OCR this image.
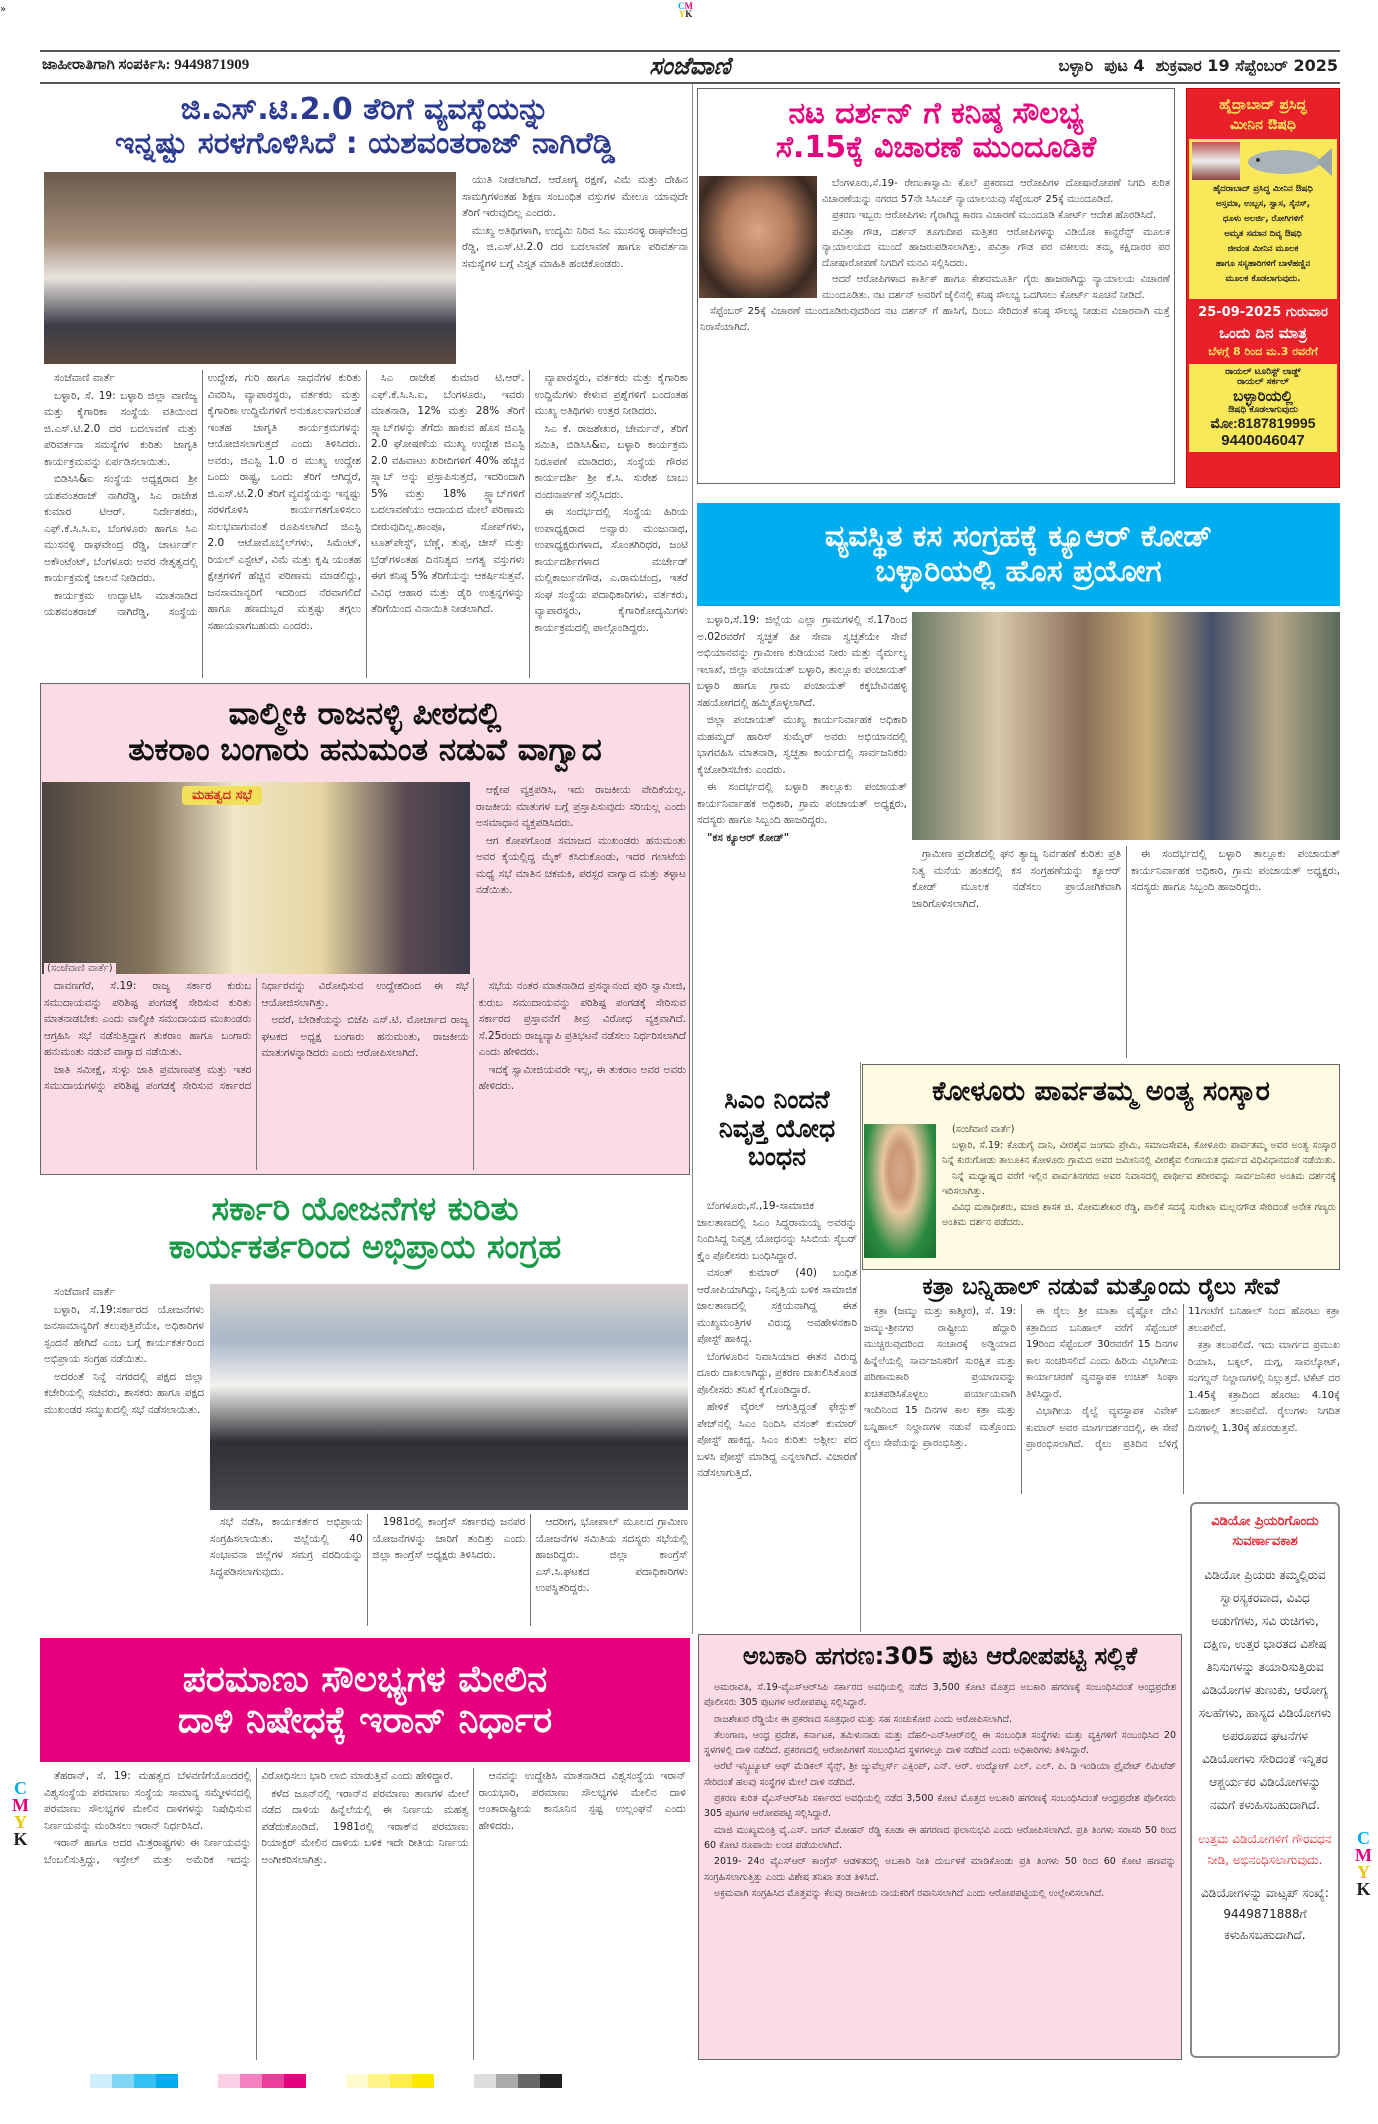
»	CM
YK
C
M
Y
K	C
M
Y
K
ಜಾಹೀರಾತಿಗಾಗಿ ಸಂಪರ್ಕಿಸಿ: 9449871909	ಸಂಜೆವಾಣಿ	ಬಳ್ಳಾರಿ ಪುಟ 4 ಶುಕ್ರವಾರ 19 ಸೆಪ್ಟೆಂಬರ್ 2025
ಜಿ.ಎಸ್.ಟಿ.2.0 ತೆರಿಗೆ ವ್ಯವಸ್ಥೆಯನ್ನು
ಇನ್ನಷ್ಟು ಸರಳಗೊಳಿಸಿದೆ : ಯಶವಂತರಾಜ್ ನಾಗಿರೆಡ್ಡಿ

ಯುತಿ ನೀಡಲಾಗಿದೆ. ಆರೋಗ್ಯ ರಕ್ಷಣೆ, ವಿಮೆ ಮತ್ತು ದೇಹಿನ ಸಾಮಗ್ರಿಗಳಂತಹ ಶಿಕ್ಷಣ ಸಂಬಂಧಿತ ವಸ್ತುಗಳ ಮೇಲೂ ಯಾವುದೇ ತೆರಿಗೆ ಇರುವುದಿಲ್ಲ ಎಂದರು.

ಮುಖ್ಯ ಅತಿಥಿಗಳಾಗಿ, ಉದ್ಯಮಿ ನಿರಿವ ಸಿಎ ಮುಸನಳ್ಳಿ ರಾಘವೇಂದ್ರ ರೆಡ್ಡಿ, ಜಿ.ಎಸ್.ಟಿ.2.0 ದರ ಬದಲಾವಣೆ ಹಾಗೂ ಪರಿವರ್ತನಾ ಸಮಸ್ಯೆಗಳ ಬಗ್ಗೆ ವಿಸ್ತೃತ ಮಾಹಿತಿ ಹಂಚಿಕೊಂಡರು.

ಸಂಜೆವಾಣಿ ವಾರ್ತೆ

ಬಳ್ಳಾರಿ, ಸೆ. 19: ಬಳ್ಳಾರಿ ಜಿಲ್ಲಾ ವಾಣಿಜ್ಯ ಮತ್ತು ಕೈಗಾರಿಕಾ ಸಂಸ್ಥೆಯ ವತಿಯಿಂದ ಜಿ.ಎಸ್.ಟಿ.2.0 ದರ ಬದಲಾವಣೆ ಮತ್ತು ಪರಿವರ್ತನಾ ಸಮಸ್ಯೆಗಳ ಕುರಿತು ಜಾಗೃತಿ ಕಾರ್ಯಕ್ರಮವನ್ನು ಏರ್ಪಡಿಸಲಾಯಿತು.

ಬಿಡಿಸಿಸಿ&ಐ ಸಂಸ್ಥೆಯ ಅಧ್ಯಕ್ಷರಾದ ಶ್ರೀ ಯಶವಂತರಾಜ್ ನಾಗಿರೆಡ್ಡಿ, ಸಿಎ ರಾಜೇಶ ಕುಮಾರ ಟಿಆರ್. ನಿರ್ದೇಶಕರು, ಎಫ್.ಕೆ.ಸಿ.ಸಿ.ಐ, ಬೆಂಗಳೂರು ಹಾಗೂ ಸಿಎ ಮುಸನಳ್ಳಿ ರಾಘವೇಂದ್ರ ರೆಡ್ಡಿ, ಚಾರ್ಟರ್ಡ್ ಅಕೌಂಟೆಂಟ್, ಬೆಂಗಳೂರು ಅವರ ನೇತೃತ್ವದಲ್ಲಿ ಕಾರ್ಯಕ್ರಮಕ್ಕೆ ಚಾಲನೆ ನೀಡಿದರು.

ಕಾರ್ಯಕ್ರಮ ಉದ್ಘಾಟಿಸಿ ಮಾತನಾಡಿದ ಯಶವಂತರಾಜ್ ನಾಗಿರೆಡ್ಡಿ, ಸಂಸ್ಥೆಯ ಉದ್ದೇಶ, ಗುರಿ ಹಾಗೂ ಸಾಧನೆಗಳ ಕುರಿತು ವಿವರಿಸಿ, ವ್ಯಾಪಾರಸ್ಥರು, ವರ್ತಕರು ಮತ್ತು ಕೈಗಾರಿಕಾ ಉದ್ದಿಮೆಗಳಿಗೆ ಅನುಕೂಲವಾಗುವಂತೆ ಇಂತಹ ಜಾಗೃತಿ ಕಾರ್ಯಕ್ರಮಗಳನ್ನು ಆಯೋಜಿಸಲಾಗುತ್ತದೆ ಎಂದು ತಿಳಿಸಿದರು. ಅವರು, ಜಿಎಸ್ಟಿ 1.0 ರ ಮುಖ್ಯ ಉದ್ದೇಶ ಒಂದು ರಾಷ್ಟ್ರ, ಒಂದು ತೆರಿಗೆ ಆಗಿದ್ದರೆ, ಜಿ.ಎಸ್.ಟಿ.2.0 ತೆರಿಗೆ ವ್ಯವಸ್ಥೆಯನ್ನು ಇನ್ನಷ್ಟು ಸರಳಗೊಳಿಸಿ ಕಾರ್ಯಗತಗೊಳಿಸಲು ಸುಲಭವಾಗುವಂತೆ ರೂಪಿಸಲಾಗಿದೆ ಜಿಎಸ್ಟಿ 2.0 ಆಟೋಮೊಬೈಲ್‌ಗಳು, ಸಿಮೆಂಟ್, ರಿಯಲ್ ಎಸ್ಟೇಟ್, ವಿಮೆ ಮತ್ತು ಕೃಷಿ ಯಂತಹ ಕ್ಷೇತ್ರಗಳಿಗೆ ಹೆಚ್ಚಿನ ಪರಿಣಾಮ ಮಾಡಲಿದ್ದು, ಜನಸಾಮಾನ್ಯರಿಗೆ ಇದರಿಂದ ನೆರವಾಗಲಿದೆ ಹಾಗೂ ಹಣದುಬ್ಬರ ಮತ್ತಷ್ಟು ತಗ್ಗಲು ಸಹಾಯವಾಗಬಹುದು ಎಂದರು.

ಸಿಎ ರಾಜೇಶ ಕುಮಾರ ಟಿ.ಆರ್. ಎಫ್.ಕೆ.ಸಿ.ಸಿ.ಐ, ಬೆಂಗಳೂರು, ಇವರು ಮಾತನಾಡಿ, 12% ಮತ್ತು 28% ತೆರಿಗೆ ಸ್ಲ್ಯಾಬ್‌ಗಳನ್ನು ತೆಗೆದು ಹಾಕುವ ಹೊಸ ಜಿಎಸ್ಟಿ 2.0 ಘೋಷಣೆಯ ಮುಖ್ಯ ಉದ್ದೇಶ ಜಿಎಸ್ಟಿ 2.0 ವಹಿವಾಟು ಖರೀದಿಗಳಿಗೆ 40% ಹೆಚ್ಚಿನ ಸ್ಲ್ಯಾಬ್ ಅನ್ನು ಪ್ರಸ್ತಾಪಿಸುತ್ತದೆ, ಇದರಿಂದಾಗಿ 5% ಮತ್ತು 18% ಸ್ಲ್ಯಾಬ್‌ಗಳಿಗೆ ಬದಲಾವಣೆಯು ಆದಾಯದ ಮೇಲೆ ಪರಿಣಾಮ ಬೀರುವುದಿಲ್ಲ.ಶಾಂಪೂ, ಸೋಪ್‌ಗಳು, ಟೂತ್‌ಪೇಸ್ಟ್, ಬೆಣ್ಣೆ, ತುಪ್ಪ, ಚೀಸ್ ಮತ್ತು ಬ್ರೆಡ್‌ಗಳಂತಹ ದಿನನಿತ್ಯದ ಅಗತ್ಯ ವಸ್ತುಗಳು ಈಗ ಕನಿಷ್ಠ 5% ತೆರಿಗೆಯನ್ನು ಆಕರ್ಷಿಸುತ್ತವೆ. ವಿವಿಧ ಆಹಾರ ಮತ್ತು ಡೈರಿ ಉತ್ಪನ್ನಗಳನ್ನು ತೆರಿಗೆಯಿಂದ ವಿನಾಯಿತಿ ನೀಡಲಾಗಿದೆ.

ವ್ಯಾಪಾರಸ್ಥರು, ವರ್ತಕರು ಮತ್ತು ಕೈಗಾರಿಕಾ ಉದ್ದಿಮೆಗಳು ಕೇಳುವ ಪ್ರಶ್ನೆಗಳಿಗೆ ಬಂದಂತಹ ಮುಖ್ಯ ಅತಿಥಿಗಳು ಉತ್ತರ ನೀಡಿದರು.

ಸಿಎ ಕೆ. ರಾಜಶೇಖರ, ಚೇರ್ಮನ್, ತೆರಿಗೆ ಸಮಿತಿ, ಬಿಡಿಸಿಸಿ&ಐ, ಬಳ್ಳಾರಿ ಕಾರ್ಯಕ್ರಮ ನಿರೂಪಣೆ ಮಾಡಿದರು, ಸಂಸ್ಥೆಯ ಗೌರವ ಕಾರ್ಯದರ್ಶಿ ಶ್ರೀ ಕೆ.ಸಿ. ಸುರೇಶ ಬಾಬು ವಂದನಾರ್ಪಣೆ ಸಲ್ಲಿಸಿದರು.

ಈ ಸಂದರ್ಭದಲ್ಲಿ ಸಂಸ್ಥೆಯ ಹಿರಿಯ ಉಪಾಧ್ಯಕ್ಷರಾದ ಅವ್ವಾರು ಮಂಜುನಾಥ, ಉಪಾಧ್ಯಕ್ಷರುಗಳಾದ, ಸೊಂತಗಿರಿಧರ, ಜಂಟಿ ಕಾರ್ಯದರ್ಶಿಗಳಾದ ಮರ್ಚೇಡ್ ಮಲ್ಲಿಕಾರ್ಜುನಗೌಡ, ಎ.ರಾಮಚಂದ್ರ, ಇತರೆ ಸಂಘ ಸಂಸ್ಥೆಯ ಪದಾಧಿಕಾರಿಗಳು, ವರ್ತಕರು, ವ್ಯಾಪಾರಸ್ಥರು, ಕೈಗಾರಿಕೋದ್ಯಮಿಗಳು ಕಾರ್ಯಕ್ರಮದಲ್ಲಿ ಪಾಲ್ಗೊಂಡಿದ್ದರು.

ನಟ ದರ್ಶನ್ ಗೆ ಕನಿಷ್ಠ ಸೌಲಭ್ಯ
ಸೆ.15ಕ್ಕೆ ವಿಚಾರಣೆ ಮುಂದೂಡಿಕೆ

ಬೆಂಗಳೂರು,ಸೆ.19- ರೇಣುಕಾಸ್ವಾಮಿ ಕೊಲೆ ಪ್ರಕರಣದ ಆರೋಪಿಗಳ ದೋಷಾರೋಪಣೆ ನಿಗದಿ ಕುರಿತ ವಿಚಾರಣೆಯನ್ನು ನಗರದ 57ನೇ ಸಿಸಿಎಚ್ ನ್ಯಾಯಾಲಯವು ಸೆಪ್ಟೆಂಬರ್ 25ಕ್ಕೆ ಮುಂದೂಡಿದೆ.

ಪ್ರಕರಣ ಇಬ್ಬರು ಆರೋಪಿಗಳು ಗೈರಾಗಿದ್ದ ಕಾರಣ ವಿಚಾರಣೆ ಮುಂದೂಡಿ ಕೋರ್ಟ್ ಆದೇಶ ಹೊರಡಿಸಿದೆ.

ಪವಿತ್ರಾ ಗೌಡ, ದರ್ಶನ್ ತೂಗುದೀಪ ಮತ್ತಿತರ ಆರೋಪಿಗಳನ್ನು ವಿಡಿಯೋ ಕಾನ್ಫರೆನ್ಸ್ ಮೂಲಕ ನ್ಯಾಯಾಲಯದ ಮುಂದೆ ಹಾಜರುಪಡಿಸಲಾಗಿತ್ತು, ಪವಿತ್ರಾ ಗೌಡ ಪರ ವಕೀಲರು ತಮ್ಮ ಕಕ್ಷಿದಾರರ ಪರ ದೋಷಾರೋಪಣೆ ನಿಗದಿಗೆ ಮನವಿ ಸಲ್ಲಿಸಿದರು.

ಆದರೆ ಆರೋಪಿಗಳಾದ ಕಾರ್ತಿಕ್ ಹಾಗೂ ಕೇಶವಮೂರ್ತಿ ಗೈರು ಹಾಜರಾಗಿದ್ದು ನ್ಯಾಯಾಲಯ ವಿಚಾರಣೆ ಮುಂದೂಡಿತು. ನಟ ದರ್ಶನ್ ಅವರಿಗೆ ಜೈಲಿನಲ್ಲಿ ಕನಿಷ್ಠ ಸೌಲಭ್ಯ ಒದಗಿಸಲು ಕೋರ್ಟ್ ಸೂಚನೆ ನೀಡಿದೆ.

ಸೆಪ್ಟೆಂಬರ್ 25ಕ್ಕೆ ವಿಚಾರಣೆ ಮುಂದೂಡಿರುವುದರಿಂದ ನಟ ದರ್ಶನ್ ಗೆ ಹಾಸಿಗೆ, ದಿಂಬು ಸೇರಿದಂತೆ ಕನಿಷ್ಠ ಸೌಲಭ್ಯ ನೀಡುವ ವಿಚಾರವಾಗಿ ಮತ್ತೆ ನಿರಾಸೆಯಾಗಿದೆ.

ಹೈದ್ರಾಬಾದ್ ಪ್ರಸಿದ್ಧ
ಮೀನಿನ ಔಷಧಿ
ಹೈದರಾಬಾದ್ ಪ್ರಸಿದ್ಧ ಮೀನಿನ ಔಷಧಿ
ಅಸ್ತಮಾ, ಉಬ್ಬಸ, ಸ್ವಾಸ, ಸೈನಸ್,
ಧೂಳು ಅಲರ್ಜಿ, ರೋಗಿಗಳಿಗೆ
ಅಮೃತ ಸಮಾನ ದಿವ್ಯ ಔಷಧಿ
ಜೀವಂತ ಮೀನಿನ ಮೂಲಕ
ಹಾಗೂ ಸಸ್ಯಹಾರಿಗಳಿಗೆ ಬಾಳೆಹಣ್ಣಿನ
ಮೂಲಕ ಕೊಡಲಾಗುವುದು.
25-09-2025 ಗುರುವಾರ
ಒಂದು ದಿನ ಮಾತ್ರ
ಬೆಳಗ್ಗೆ 8 ರಿಂದ ಮ.3 ರವರೆಗೆ
ರಾಯಲ್ ಟೂರಿಸ್ಟ್ ಲಾಡ್ಜ್
ರಾಯಲ್ ಸರ್ಕಲ್
ಬಳ್ಳಾರಿಯಲ್ಲಿ
ಔಷಧಿ ಕೊಡಲಾಗುವುದು
ಮೋ:8187819995
9440046047
ವ್ಯವಸ್ಥಿತ ಕಸ ಸಂಗ್ರಹಕ್ಕೆ ಕ್ಯೂಆರ್ ಕೋಡ್
ಬಳ್ಳಾರಿಯಲ್ಲಿ ಹೊಸ ಪ್ರಯೋಗ

ಬಳ್ಳಾರಿ,ಸೆ.19: ಜಿಲ್ಲೆಯ ಎಲ್ಲಾ ಗ್ರಾಮಗಳಲ್ಲಿ ಸೆ.17ರಿಂದ ಅ.02ರವರೆಗೆ ಸ್ವಚ್ಛತೆ ಹೀ ಸೇವಾ ಸ್ವಚ್ಛತೆಯೇ ಸೇವೆ ಅಭಿಯಾನವನ್ನು ಗ್ರಾಮೀಣ ಕುಡಿಯುವ ನೀರು ಮತ್ತು ನೈರ್ಮಲ್ಯ ಇಲಾಖೆ, ಜಿಲ್ಲಾ ಪಂಚಾಯತ್ ಬಳ್ಳಾರಿ, ತಾಲ್ಲೂಕು ಪಂಚಾಯತ್ ಬಳ್ಳಾರಿ ಹಾಗೂ ಗ್ರಾಮ ಪಂಚಾಯತ್ ಕಕ್ಕಬೇವಿನಹಳ್ಳಿ ಸಹಯೋಗದಲ್ಲಿ ಹಮ್ಮಿಕೊಳ್ಳಲಾಗಿದೆ.

ಜಿಲ್ಲಾ ಪಂಚಾಯತ್ ಮುಖ್ಯ ಕಾರ್ಯನಿರ್ವಾಹಕ ಅಧಿಕಾರಿ ಮಹಮ್ಮದ್ ಹಾರಿಸ್ ಸುಮೈರ್ ಅವರು ಅಭಿಯಾನದಲ್ಲಿ ಭಾಗವಹಿಸಿ ಮಾತನಾಡಿ, ಸ್ವಚ್ಛತಾ ಕಾರ್ಯದಲ್ಲಿ ಸಾರ್ವಜನಿಕರು ಕೈಜೋಡಿಸಬೇಕು ಎಂದರು.

ಈ ಸಂದರ್ಭದಲ್ಲಿ ಬಳ್ಳಾರಿ ತಾಲ್ಲೂಕು ಪಂಚಾಯತ್ ಕಾರ್ಯನಿರ್ವಾಹಕ ಅಧಿಕಾರಿ, ಗ್ರಾಮ ಪಂಚಾಯತ್ ಅಧ್ಯಕ್ಷರು, ಸದಸ್ಯರು ಹಾಗೂ ಸಿಬ್ಬಂದಿ ಹಾಜರಿದ್ದರು.

"ಕಸ ಕ್ಯೂಆರ್ ಕೋಡ್"

ಗ್ರಾಮೀಣ ಪ್ರದೇಶದಲ್ಲಿ ಘನ ತ್ಯಾಜ್ಯ ನಿರ್ವಹಣೆ ಕುರಿತು ಪ್ರತಿ ನಿತ್ಯ ಮನೆಯ ಹಂತದಲ್ಲಿ ಕಸ ಸಂಗ್ರಹಣೆಯನ್ನು ಕ್ಯೂಆರ್ ಕೋಡ್ ಮೂಲಕ ನಡೆಸಲು ಪ್ರಾಯೋಗಿಕವಾಗಿ ಜಾರಿಗೊಳಿಸಲಾಗಿದೆ.

ಈ ಸಂದರ್ಭದಲ್ಲಿ ಬಳ್ಳಾರಿ ತಾಲ್ಲೂಕು ಪಂಚಾಯತ್ ಕಾರ್ಯನಿರ್ವಾಹಕ ಅಧಿಕಾರಿ, ಗ್ರಾಮ ಪಂಚಾಯತ್ ಅಧ್ಯಕ್ಷರು, ಸದಸ್ಯರು ಹಾಗೂ ಸಿಬ್ಬಂದಿ ಹಾಜರಿದ್ದರು.

ವಾಲ್ಮೀಕಿ ರಾಜನಳ್ಳಿ ಪೀಠದಲ್ಲಿ
ತುಕರಾಂ ಬಂಗಾರು ಹನುಮಂತ ನಡುವೆ ವಾಗ್ವಾದ
ಮಹತ್ವದ ಸಭೆ
(ಸಂಜೆವಾಣಿ ವಾರ್ತೆ)

ಆಕ್ಷೇಪ ವ್ಯಕ್ತಪಡಿಸಿ, ಇದು ರಾಜಕೀಯ ವೇದಿಕೆಯಲ್ಲ. ರಾಜಕೀಯ ಮಾತುಗಳ ಬಗ್ಗೆ ಪ್ರಸ್ತಾಪಿಸುವುದು ಸರಿಯಲ್ಲ ಎಂದು ಅಸಮಾಧಾನ ವ್ಯಕ್ತಪಡಿಸಿದರು.

ಆಗ ಕೋಪಗೊಂಡ ಸಮಾಜದ ಮುಖಂಡರು ಹನುಮಂತು ಅವರ ಕೈಯಲ್ಲಿದ್ದ ಮೈಕ್ ಕಸಿದುಕೊಂಡು, ಇದರ ಗಲಾಟೆಯ ಮಧ್ಯೆ ಸಭೆ ಮಾತಿನ ಚಕಮಕಿ, ಪರಸ್ಪರ ವಾಗ್ವಾದ ಮತ್ತು ತಳ್ಳಾಟ ನಡೆಯಿತು.

ದಾವಣಗೆರೆ, ಸೆ.19: ರಾಜ್ಯ ಸರ್ಕಾರ ಕುರುಬ ಸಮುದಾಯವನ್ನು ಪರಿಶಿಷ್ಟ ಪಂಗಡಕ್ಕೆ ಸೇರಿಸುವ ಕುರಿತು ಮಾತನಾಡಬೇಕು ಎಂದು ವಾಲ್ಮೀಕಿ ಸಮುದಾಯದ ಮುಖಂಡರು ಆಗ್ರಹಿಸಿ ಸಭೆ ನಡೆಸುತ್ತಿದ್ದಾಗ ತುಕರಾಂ ಹಾಗೂ ಬಂಗಾರು ಹನುಮಂತು ನಡುವೆ ವಾಗ್ವಾದ ನಡೆಯಿತು.

ಜಾತಿ ಸಮೀಕ್ಷೆ, ಸುಳ್ಳು ಜಾತಿ ಪ್ರಮಾಣಪತ್ರ ಮತ್ತು ಇತರ ಸಮುದಾಯಗಳನ್ನು ಪರಿಶಿಷ್ಟ ಪಂಗಡಕ್ಕೆ ಸೇರಿಸುವ ಸರ್ಕಾರದ ನಿರ್ಧಾರವನ್ನು ವಿರೋಧಿಸುವ ಉದ್ದೇಶದಿಂದ ಈ ಸಭೆ ಆಯೋಜಿಸಲಾಗಿತ್ತು.

ಅದರೆ, ಬೇಡಿಕೆಯನ್ನು ಬಿಜೆಪಿ ಎಸ್.ಟಿ. ಮೋರ್ಚಾದ ರಾಜ್ಯ ಘಟಕದ ಅಧ್ಯಕ್ಷ ಬಂಗಾರು ಹನುಮಂತು, ರಾಜಕೀಯ ಮಾತುಗಳನ್ನಾಡಿದರು ಎಂದು ಆರೋಪಿಸಲಾಗಿದೆ.

ಸಭೆಯ ನಂತರ ಮಾತನಾಡಿದ ಪ್ರಸನ್ನಾನಂದ ಪುರಿ ಸ್ವಾಮೀಜಿ, ಕುರುಬ ಸಮುದಾಯವನ್ನು ಪರಿಶಿಷ್ಟ ಪಂಗಡಕ್ಕೆ ಸೇರಿಸುವ ಸರ್ಕಾರದ ಪ್ರಸ್ತಾವನೆಗೆ ತೀವ್ರ ವಿರೋಧ ವ್ಯಕ್ತವಾಗಿದೆ. ಸೆ.25ರಂದು ರಾಜ್ಯವ್ಯಾಪಿ ಪ್ರತಿಭಟನೆ ನಡೆಸಲು ನಿರ್ಧರಿಸಲಾಗಿದೆ ಎಂದು ಹೇಳಿದರು.

ಇದಕ್ಕೆ ಸ್ವಾಮೀಜಿಯವರೇ ಇಲ್ಲ, ಈ ತುಕರಾಂ ಅವರ ಅವರು ಹೇಳಿದರು.

ಸರ್ಕಾರಿ ಯೋಜನೆಗಳ ಕುರಿತು
ಕಾರ್ಯಕರ್ತರಿಂದ ಅಭಿಪ್ರಾಯ ಸಂಗ್ರಹ

ಸಂಜೆವಾಣಿ ವಾರ್ತೆ

ಬಳ್ಳಾರಿ, ಸೆ.19:ಸರ್ಕಾರದ ಯೋಜನೆಗಳು ಜನಸಾಮಾನ್ಯರಿಗೆ ತಲುಪುತ್ತಿವೆಯೇ, ಅಧಿಕಾರಿಗಳ ಸ್ಪಂದನೆ ಹೇಗಿದೆ ಎಂಬ ಬಗ್ಗೆ ಕಾರ್ಯಕರ್ತರಿಂದ ಅಭಿಪ್ರಾಯ ಸಂಗ್ರಹ ನಡೆಯಿತು.

ಅದರಂತೆ ನಿನ್ನೆ ನಗರದಲ್ಲಿ ಪಕ್ಷದ ಜಿಲ್ಲಾ ಕಚೇರಿಯಲ್ಲಿ ಸಚಿವರು, ಶಾಸಕರು ಹಾಗೂ ಪಕ್ಷದ ಮುಖಂಡರ ಸಮ್ಮುಖದಲ್ಲಿ ಸಭೆ ನಡೆಸಲಾಯಿತು.

ಸಭೆ ನಡೆಸಿ, ಕಾರ್ಯಕರ್ತರ ಅಭಿಪ್ರಾಯ ಸಂಗ್ರಹಿಸಲಾಯಿತು. ಜಿಲ್ಲೆಯಲ್ಲಿ 40 ಸಂಭಾವನಾ ಜಿಲ್ಲೆಗಳ ಸಮಗ್ರ ವರದಿಯನ್ನು ಸಿದ್ಧಪಡಿಸಲಾಗುವುದು.

1981ರಲ್ಲಿ ಕಾಂಗ್ರೆಸ್ ಸರ್ಕಾರವು ಜನಪರ ಯೋಜನೆಗಳನ್ನು ಜಾರಿಗೆ ತಂದಿತ್ತು ಎಂದು ಜಿಲ್ಲಾ ಕಾಂಗ್ರೆಸ್ ಅಧ್ಯಕ್ಷರು ತಿಳಿಸಿದರು.

ಆದರೀಗ, ಭೋಪಾಲ್ ಮೂಲದ ಗ್ರಾಮೀಣ ಯೋಜನೆಗಳ ಸಮಿತಿಯ ಸದಸ್ಯರು ಸಭೆಯಲ್ಲಿ ಹಾಜರಿದ್ದರು. ಜಿಲ್ಲಾ ಕಾಂಗ್ರೆಸ್ ಎಸ್.ಸಿ.ಘಟಕದ ಪದಾಧಿಕಾರಿಗಳು ಉಪಸ್ಥಿತರಿದ್ದರು.

ಸಿಎಂ ನಿಂದನೆ
ನಿವೃತ್ತ ಯೋಧ
ಬಂಧನ

ಬೆಂಗಳೂರು,ಸೆ.,19-ಸಾಮಾಜಿಕ ಜಾಲತಾಣದಲ್ಲಿ ಸಿಎಂ ಸಿದ್ದರಾಮಯ್ಯ ಅವರನ್ನು ನಿಂದಿಸಿದ್ದ ನಿವೃತ್ತ ಯೋಧನನ್ನು ಸಿಸಿಬಿಯ ಸೈಬರ್ ಕ್ರೈಂ ಪೊಲೀಸರು ಬಂಧಿಸಿದ್ದಾರೆ.

ವಸಂತ್ ಕುಮಾರ್ (40) ಬಂಧಿತ ಆರೋಪಿಯಾಗಿದ್ದು, ನಿವೃತ್ತಿಯ ಬಳಿಕ ಸಾಮಾಜಿಕ ಜಾಲತಾಣದಲ್ಲಿ ಸಕ್ರಿಯನಾಗಿದ್ದ ಈತ ಮುಖ್ಯಮಂತ್ರಿಗಳ ವಿರುದ್ಧ ಅವಹೇಳನಕಾರಿ ಪೋಸ್ಟ್ ಹಾಕಿದ್ದ.

ಬೆಂಗಳೂರಿನ ನಿವಾಸಿಯಾದ ಈತನ ವಿರುದ್ಧ ದೂರು ದಾಖಲಾಗಿದ್ದು, ಪ್ರಕರಣ ದಾಖಲಿಸಿಕೊಂಡ ಪೊಲೀಸರು ತನಿಖೆ ಕೈಗೊಂಡಿದ್ದಾರೆ.

ಹೇಳಿಕೆ ವೈರಲ್ ಆಗುತ್ತಿದ್ದಂತೆ ಫೇಸ್ಬುಕ್ ಪೇಜ್‌ನಲ್ಲಿ ಸಿಎಂ ನಿಂದಿಸಿ ವಸಂತ್ ಕುಮಾರ್ ಪೋಸ್ಟ್ ಹಾಕಿದ್ದ. ಸಿಎಂ ಕುರಿತು ಅಶ್ಲೀಲ ಪದ ಬಳಸಿ ಪೋಸ್ಟ್ ಮಾಡಿದ್ದ ಎನ್ನಲಾಗಿದೆ. ವಿಚಾರಣೆ ನಡೆಸಲಾಗುತ್ತಿದೆ.

ಕೋಳೂರು ಪಾರ್ವತಮ್ಮ ಅಂತ್ಯ ಸಂಸ್ಕಾರ

(ಸಂಜೆವಾಣಿ ವಾರ್ತೆ)

ಬಳ್ಳಾರಿ, ಸೆ.19: ಕೊಡುಗೈ ದಾನಿ, ವೀರಶೈವ ಜಂಗಮ ಪ್ರೇಮಿ, ಸಮಾಜಸೇವಕಿ, ಕೋಳೂರು ಪಾರ್ವತಮ್ಮ ಅವರ ಅಂತ್ಯ ಸಂಸ್ಕಾರ ನಿನ್ನೆ ಕುರುಗೋಡು ತಾಲೂಕಿನ ಕೋಳೂರು ಗ್ರಾಮದ ಅವರ ಜಮೀನಿನಲ್ಲಿ ವೀರಶೈವ ಲಿಂಗಾಯತ ಧರ್ಮದ ವಿಧಿವಿಧಾನದಂತೆ ನಡೆಯಿತು.

ನಿನ್ನೆ ಮಧ್ಯಾಹ್ನದ ವರೆಗೆ ಇಲ್ಲಿನ ಪಾರ್ವತಿನಗರದ ಅವರ ನಿವಾಸದಲ್ಲಿ ಪಾರ್ಥೀವ ಶರೀರವನ್ನು ಸಾರ್ವಜನಿಕರ ಅಂತಿಮ ದರ್ಶನಕ್ಕೆ ಇರಿಸಲಾಗಿತ್ತು.

ವಿವಿಧ ಮಠಾಧೀಶರು, ಮಾಜಿ ಶಾಸಕ ಜಿ. ಸೋಮಶೇಖರ ರೆಡ್ಡಿ, ಪಾಲಿಕೆ ಸದಸ್ಯೆ ಸುರೇಖಾ ಮಲ್ಲನಗೌಡ ಸೇರಿದಂತೆ ಅನೇಕ ಗಣ್ಯರು ಅಂತಿಮ ದರ್ಶನ ಪಡೆದರು.

ಕತ್ರಾ ಬನ್ನಿಹಾಲ್ ನಡುವೆ ಮತ್ತೊಂದು ರೈಲು ಸೇವೆ

ಕತ್ರಾ (ಜಮ್ಮು ಮತ್ತು ಕಾಶ್ಮೀರ), ಸೆ. 19: ಜಮ್ಮು-ಶ್ರೀನಗರ ರಾಷ್ಟ್ರೀಯ ಹೆದ್ದಾರಿ ಮುಚ್ಚಿರುವುದರಿಂದ ಸಂಚಾರಕ್ಕೆ ಅಡ್ಡಿಯಾದ ಹಿನ್ನೆಲೆಯಲ್ಲಿ ಸಾರ್ವಜನಿಕರಿಗೆ ಸುರಕ್ಷಿತ ಮತ್ತು ಪರಿಣಾಮಕಾರಿ ಪ್ರಯಾಣವನ್ನು ಖಚಿತಪಡಿಸಿಕೊಳ್ಳಲು ಪರ್ಯಾಯವಾಗಿ ಇಂದಿನಿಂದ 15 ದಿನಗಳ ಕಾಲ ಕತ್ರಾ ಮತ್ತು ಬನ್ನಿಹಾಲ್ ನಿಲ್ದಾಣಗಳ ನಡುವೆ ಮತ್ತೊಂದು ರೈಲು ಸೇವೆಯನ್ನು ಪ್ರಾರಂಭಿಸಿತ್ತು.

ಈ ರೈಲು ಶ್ರೀ ಮಾತಾ ವೈಷ್ಣೋ ದೇವಿ ಕತ್ರಾದಿಂದ ಬನಿಹಾಲ್ ವರೆಗೆ ಸೆಪ್ಟೆಂಬರ್ 19ರಿಂದ ಸೆಪ್ಟೆಂಬರ್ 30ರವರೆಗೆ 15 ದಿನಗಳ ಕಾಲ ಸಂಚರಿಸಲಿದೆ ಎಂದು ಹಿರಿಯ ವಿಭಾಗೀಯ ಕಾರ್ಯಾಚರಣೆ ವ್ಯವಸ್ಥಾಪಕ ಉಚಿತ್ ಸಿಂಘಾ ತಿಳಿಸಿದ್ದಾರೆ.

ವಿಭಾಗೀಯ ರೈಲ್ವೆ ವ್ಯವಸ್ಥಾಪಕ ವಿವೇಕ್ ಕುಮಾರ್ ಅವರ ಮಾರ್ಗದರ್ಶನದಲ್ಲಿ, ಈ ಸೇವೆ ಪ್ರಾರಂಭಿಸಲಾಗಿದೆ. ರೈಲು ಪ್ರತಿದಿನ ಬೆಳಿಗ್ಗೆ 11ಗಂಟೆಗೆ ಬನಿಹಾಲ್ ನಿಂದ ಹೊರಟು ಕತ್ರಾ ತಲುಪಲಿದೆ.

ಕತ್ರಾ ತಲುಪಲಿದೆ. ಇದು ಮಾರ್ಗದ ಪ್ರಮುಖ ರಿಯಾಸಿ, ಬಕ್ಕಲ್, ದುಗ್ಗ, ಸಾವಲ್ಕೋಟ್, ಸಂಗಲ್ದನ್ ನಿಲ್ದಾಣಗಳಲ್ಲಿ ನಿಲ್ಲುತ್ತದೆ. ಟಿಕೆಟ್ ದರ 1.45ಕ್ಕೆ ಕತ್ರಾದಿಂದ ಹೊರಟು 4.10ಕ್ಕೆ ಬನಿಹಾಲ್ ತಲುಪಲಿದೆ. ರೈಲುಗಳು ನಿಗದಿತ ದಿನಗಳಲ್ಲಿ 1.30ಕ್ಕೆ ಹೊರಡುತ್ತವೆ.

ವಿಡಿಯೋ ಪ್ರಿಯರಿಗೊಂದು ಸುವರ್ಣಾವಕಾಶ
ವಿಡಿಯೋ ಪ್ರಿಯರು ತಮ್ಮಲ್ಲಿರುವ ಸ್ವಾರಸ್ಯಕರವಾದ, ವಿವಿಧ ಅಡುಗೆಗಳು, ಸವಿ ರುಚಿಗಳು, ದಕ್ಷಿಣ, ಉತ್ತರ ಭಾರತದ ವಿಶೇಷ ತಿನಿಸುಗಳನ್ನು ತಯಾರಿಸುತ್ತಿರುವ ವಿಡಿಯೋಗಳ ತುಣುಕು, ಆರೋಗ್ಯ ಸಲಹೆಗಳು, ಹಾಸ್ಯದ ವಿಡಿಯೋಗಳು ಅಪರೂಪದ ಘಟನೆಗಳ ವಿಡಿಯೋಗಳು ಸೇರಿದಂತೆ ಇನ್ನಿತರ ಆಶ್ಚರ್ಯಕರ ವಿಡಿಯೋಗಳನ್ನು ನಮಗೆ ಕಳುಹಿಸಬಹುದಾಗಿದೆ.
ಉತ್ತಮ ವಿಡಿಯೋಗಳಿಗೆ ಗೌರವಧನ ನೀಡಿ, ಅಭಿನಂಧಿಸಲಾಗುವುದು.
ವಿಡಿಯೋಗಳನ್ನು ವಾಟ್ಸಪ್ ಸಂಖ್ಯೆ: 9449871888ಗೆ ಕಳುಹಿಸಬಹುದಾಗಿದೆ.
ಪರಮಾಣು ಸೌಲಭ್ಯಗಳ ಮೇಲಿನ
ದಾಳಿ ನಿಷೇಧಕ್ಕೆ ಇರಾನ್ ನಿರ್ಧಾರ

ತೆಹರಾನ್, ಸೆ. 19: ಮಹತ್ವದ ಬೆಳವಣಿಗೆಯೊಂದರಲ್ಲಿ ವಿಶ್ವಸಂಸ್ಥೆಯ ಪರಮಾಣು ಸಂಸ್ಥೆಯ ಸಾಮಾನ್ಯ ಸಮ್ಮೇಳನದಲ್ಲಿ ಪರಮಾಣು ಸೌಲಭ್ಯಗಳ ಮೇಲಿನ ದಾಳಿಗಳನ್ನು ನಿಷೇಧಿಸುವ ನಿರ್ಣಯವನ್ನು ಮಂಡಿಸಲು ಇರಾನ್ ನಿರ್ಧರಿಸಿದೆ.

ಇರಾನ್ ಹಾಗೂ ಅದರ ಮಿತ್ರರಾಷ್ಟ್ರಗಳು ಈ ನಿರ್ಣಯವನ್ನು ಬೆಂಬಲಿಸುತ್ತಿದ್ದು, ಇಸ್ರೇಲ್ ಮತ್ತು ಅಮೆರಿಕ ಇದನ್ನು ವಿರೋಧಿಸಲು ಭಾರಿ ಲಾಬಿ ಮಾಡುತ್ತಿವೆ ಎಂದು ಹೇಳಿದ್ದಾರೆ.

ಕಳೆದ ಜೂನ್‌ನಲ್ಲಿ ಇರಾನ್‌ನ ಪರಮಾಣು ತಾಣಗಳ ಮೇಲೆ ನಡೆದ ದಾಳಿಯ ಹಿನ್ನೆಲೆಯಲ್ಲಿ ಈ ನಿರ್ಣಯ ಮಹತ್ವ ಪಡೆದುಕೊಂಡಿದೆ. 1981ರಲ್ಲಿ ಇರಾಕ್‌ನ ಪರಮಾಣು ರಿಯಾಕ್ಟರ್ ಮೇಲಿನ ದಾಳಿಯ ಬಳಿಕ ಇದೇ ರೀತಿಯ ನಿರ್ಣಯ ಅಂಗೀಕರಿಸಲಾಗಿತ್ತು.

ಆನವನ್ನು ಉದ್ದೇಶಿಸಿ ಮಾತನಾಡಿದ ವಿಶ್ವಸಂಸ್ಥೆಯ ಇರಾನ್ ರಾಯಭಾರಿ, ಪರಮಾಣು ಸೌಲಭ್ಯಗಳ ಮೇಲಿನ ದಾಳಿ ಅಂತಾರಾಷ್ಟ್ರೀಯ ಕಾನೂನಿನ ಸ್ಪಷ್ಟ ಉಲ್ಲಂಘನೆ ಎಂದು ಹೇಳಿದರು.

ಅಬಕಾರಿ ಹಗರಣ:305 ಪುಟ ಆರೋಪಪಟ್ಟಿ ಸಲ್ಲಿಕೆ

ಅಮರಾವತಿ, ಸೆ.19-ವೈಎಸ್‌ಆರ್‌ಸಿಪಿ ಸರ್ಕಾರದ ಅವಧಿಯಲ್ಲಿ ನಡೆದ 3,500 ಕೋಟಿ ಮೊತ್ತದ ಅಬಕಾರಿ ಹಗರಣಕ್ಕೆ ಸಂಬಂಧಿಸಿದಂತೆ ಆಂಧ್ರಪ್ರದೇಶ ಪೊಲೀಸರು 305 ಪುಟಗಳ ಆರೋಪಪಟ್ಟ ಸಲ್ಲಿಸಿದ್ದಾರೆ.

ರಾಜಶೇಖರ ರೆಡ್ಡಿಯೇ ಈ ಪ್ರಕರಣದ ಸೂತ್ರಧಾರ ಮತ್ತು ಸಹ ಸಂಚುಕೋರ ಎಂದು ಆರೋಪಿಸಲಾಗಿದೆ.

ತೆಲಂಗಾಣ, ಆಂಧ್ರ ಪ್ರದೇಶ, ಕರ್ನಾಟಕ, ತಮಿಳುನಾಡು ಮತ್ತು ದೆಹಲಿ-ಎನ್‌ಸಿಆರ್‌ನಲ್ಲಿ ಈ ಸಂಬಂಧಿತ ಸಂಸ್ಥೆಗಳು ಮತ್ತು ವ್ಯಕ್ತಿಗಳಿಗೆ ಸಂಬಂಧಿಸಿದ 20 ಸ್ಥಳಗಳಲ್ಲಿ ದಾಳಿ ನಡೆದಿದೆ. ಪ್ರಕರಣದಲ್ಲಿ ಆರೋಪಿಗಳಿಗೆ ಸಂಬಂಧಿಸಿದ ಸ್ಥಳಗಳಲ್ಲೂ ದಾಳಿ ನಡೆದಿದೆ ಎಂದು ಅಧಿಕಾರಿಗಳು ತಿಳಿಸಿದ್ದಾರೆ.

ಆರೆಟೆ ಇನ್ಸ್ಟಿಟ್ಯೂಟ್ ಆಫ್ ಮೆಡಿಕಲ್ ಸೈನ್ಸ್, ಶ್ರೀ ಜ್ಯುವೆಲ್ಲರ್ಸ್ ಎಕ್ಸಿಂಪ್, ಎನ್. ಆರ್. ಉದ್ಯೋಗ್ ಎಲ್. ಎಲ್. ಪಿ. ಡಿ ಇಂಡಿಯಾ ಪ್ರೈವೇಟ್ ಲಿಮಿಟೆಡ್ ಸೇರಿದಂತೆ ಹಲವು ಸಂಸ್ಥೆಗಳ ಮೇಲೆ ದಾಳಿ ನಡೆದಿದೆ.

ಪ್ರಕರಣ ಕುರಿತ ವೈಎಸ್‌ಆರ್‌ಸಿಪಿ ಸರ್ಕಾರದ ಅವಧಿಯಲ್ಲಿ ನಡೆದ 3,500 ಕೋಟಿ ಮೊತ್ತದ ಅಬಕಾರಿ ಹಗರಣಕ್ಕೆ ಸಂಬಂಧಿಸಿದಂತೆ ಆಂಧ್ರಪ್ರದೇಶ ಪೊಲೀಸರು 305 ಪುಟಗಳ ಆರೋಪಪಟ್ಟಿ ಸಲ್ಲಿಸಿದ್ದಾರೆ.

ಮಾಜಿ ಮುಖ್ಯಮಂತ್ರಿ ವೈ.ಎಸ್. ಜಗನ್ ಮೋಹನ್ ರೆಡ್ಡಿ ಕೂಡಾ ಈ ಹಗರಣದ ಫಲಾನುಭವಿ ಎಂದು ಆರೋಪಿಸಲಾಗಿದೆ. ಪ್ರತಿ ತಿಂಗಳು ಸರಾಸರಿ 50 ರಿಂದ 60 ಕೋಟಿ ರೂಪಾಯಿ ಲಂಚ ಪಡೆಯಲಾಗಿದೆ.

2019- 24ರ ವೈಎಸ್‌ಆರ್ ಕಾಂಗ್ರೆಸ್ ಆಡಳಿತದಲ್ಲಿ ಅಬಕಾರಿ ನೀತಿ ದುರ್ಬಳಕೆ ಮಾಡಿಕೊಂಡು ಪ್ರತಿ ತಿಂಗಳು 50 ರಿಂದ 60 ಕೋಟಿ ಹಣವನ್ನು ಸಂಗ್ರಹಿಸಲಾಗುತ್ತಿತ್ತು ಎಂದು ವಿಶೇಷ ತನಿಖಾ ತಂಡ ತಿಳಿಸಿದೆ.

ಅಕ್ರಮವಾಗಿ ಸಂಗ್ರಹಿಸಿದ ಮೊತ್ತವನ್ನು ಕೆಲವು ರಾಜಕೀಯ ನಾಯಕರಿಗೆ ರವಾನಿಸಲಾಗಿದೆ ಎಂದು ಆರೋಪಪಟ್ಟಿಯಲ್ಲಿ ಉಲ್ಲೇಖಿಸಲಾಗಿದೆ.
